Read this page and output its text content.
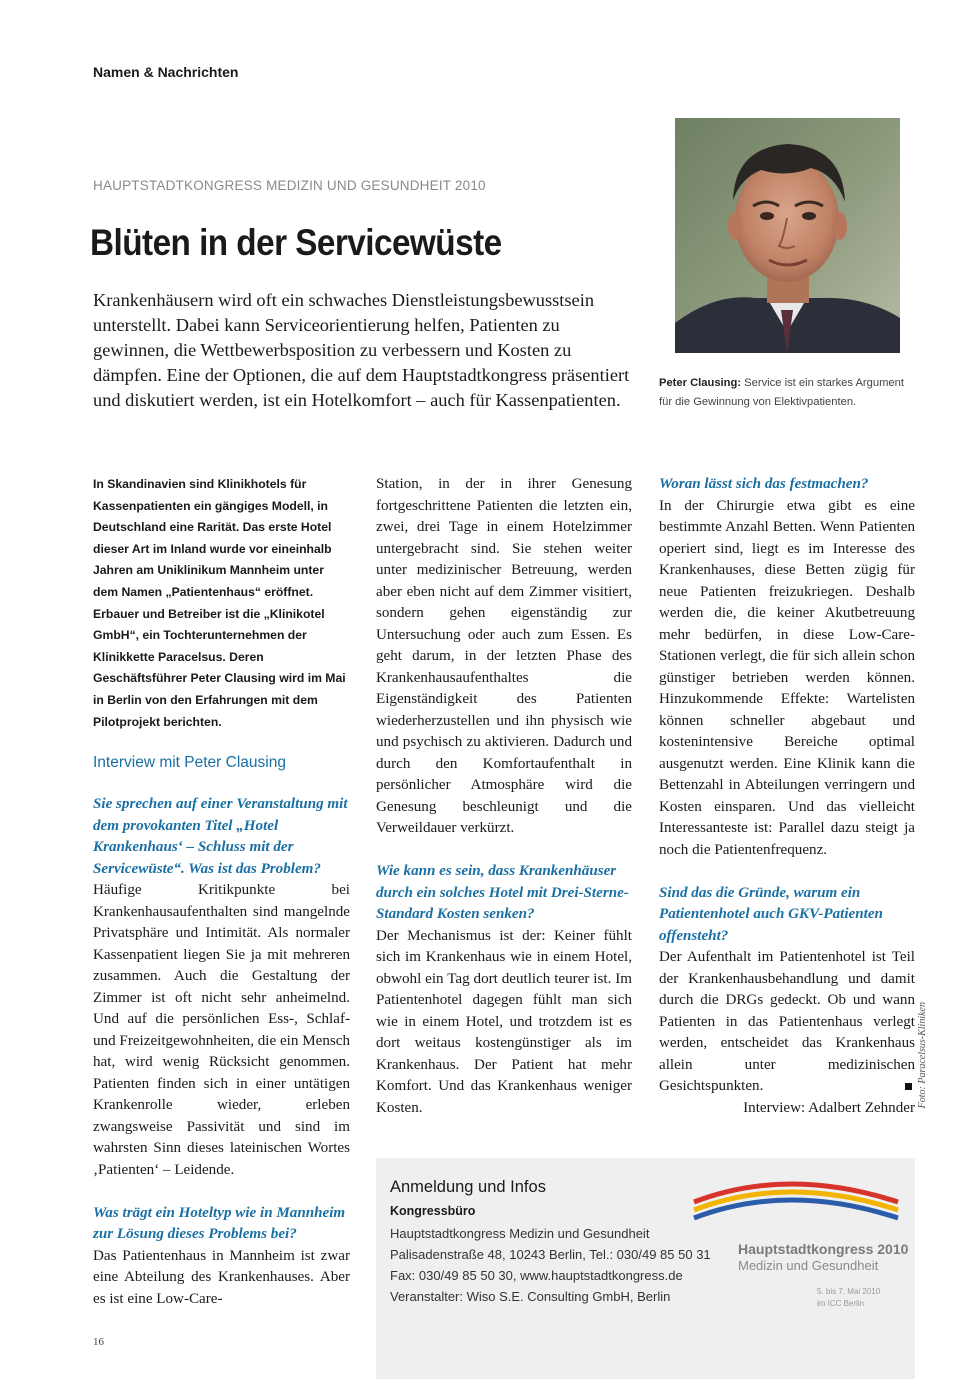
Namen & Nachrichten
HAUPTSTADTKONGRESS MEDIZIN UND GESUNDHEIT 2010
Blüten in der Servicewüste

Krankenhäusern wird oft ein schwaches Dienstleistungsbewusstsein unterstellt. Dabei kann Serviceorientierung helfen, Patienten zu gewinnen, die Wettbewerbsposition zu verbessern und Kosten zu dämpfen. Eine der Optionen, die auf dem Hauptstadtkongress präsentiert und diskutiert werden, ist ein Hotelkomfort – auch für Kassenpatienten.

Peter Clausing: Service ist ein starkes Argument für die Gewinnung von Elektivpatienten.

In Skandinavien sind Klinikhotels für Kassenpatienten ein gängiges Modell, in Deutschland eine Rarität. Das erste Hotel dieser Art im Inland wurde vor eineinhalb Jahren am Uniklinikum Mannheim unter dem Namen „Patientenhaus“ eröffnet. Erbauer und Betreiber ist die „Klinikotel GmbH“, ein Tochterunternehmen der Klinikkette Paracelsus. Deren Geschäftsführer Peter Clausing wird im Mai in Berlin von den Erfahrungen mit dem Pilotprojekt berichten.

Interview mit Peter Clausing

Sie sprechen auf einer Veranstaltung mit dem provokanten Titel „Hotel Krankenhaus‘ – Schluss mit der Servicewüste“. Was ist das Problem?

Häufige Kritikpunkte bei Krankenhausaufenthalten sind mangelnde Privatsphäre und Intimität. Als normaler Kassenpatient liegen Sie ja mit mehreren zusammen. Auch die Gestaltung der Zimmer ist oft nicht sehr anheimelnd. Und auf die persönlichen Ess-, Schlaf- und Freizeitgewohnheiten, die ein Mensch hat, wird wenig Rücksicht genommen. Patienten finden sich in einer untätigen Krankenrolle wieder, erleben zwangsweise Passivität und sind im wahrsten Sinn dieses lateinischen Wortes ‚Patienten‘ – Leidende.

Was trägt ein Hoteltyp wie in Mannheim zur Lösung dieses Problems bei?

Das Patientenhaus in Mannheim ist zwar eine Abteilung des Krankenhauses. Aber es ist eine Low-Care-

Station, in der in ihrer Genesung fortgeschrittene Patienten die letzten ein, zwei, drei Tage in einem Hotelzimmer untergebracht sind. Sie stehen weiter unter medizinischer Betreuung, werden aber eben nicht auf dem Zimmer visitiert, sondern gehen eigenständig zur Untersuchung oder auch zum Essen. Es geht darum, in der letzten Phase des Krankenhausaufenthaltes die Eigenständigkeit des Patienten wiederherzustellen und ihn physisch wie und psychisch zu aktivieren. Dadurch und durch den Komfortaufenthalt in persönlicher Atmosphäre wird die Genesung beschleunigt und die Verweildauer verkürzt.

Wie kann es sein, dass Krankenhäuser durch ein solches Hotel mit Drei-Sterne-Standard Kosten senken?

Der Mechanismus ist der: Keiner fühlt sich im Krankenhaus wie in einem Hotel, obwohl ein Tag dort deutlich teurer ist. Im Patientenhotel dagegen fühlt man sich wie in einem Hotel, und trotzdem ist es dort weitaus kostengünstiger als im Krankenhaus. Der Patient hat mehr Komfort. Und das Krankenhaus weniger Kosten.

Woran lässt sich das festmachen?

In der Chirurgie etwa gibt es eine bestimmte Anzahl Betten. Wenn Patienten operiert sind, liegt es im Interesse des Krankenhauses, diese Betten zügig für neue Patienten freizukriegen. Deshalb werden die, die keiner Akutbetreuung mehr bedürfen, in diese Low-Care-Stationen verlegt, die für sich allein schon günstiger betrieben werden können. Hinzukommende Effekte: Wartelisten können schneller abgebaut und kostenintensive Bereiche optimal ausgenutzt werden. Eine Klinik kann die Bettenzahl in Abteilungen verringern und Kosten einsparen. Und das vielleicht Interessanteste ist: Parallel dazu steigt ja noch die Patientenfrequenz.

Sind das die Gründe, warum ein Patientenhotel auch GKV-Patienten offensteht?

Der Aufenthalt im Patientenhotel ist Teil der Krankenhausbehandlung und damit durch die DRGs gedeckt. Ob und wann Patienten in das Patientenhaus verlegt werden, entscheidet das Krankenhaus allein unter medizinischen Gesichtspunkten.

Interview: Adalbert Zehnder Foto: Paracelsus-Kliniken
Anmeldung und Infos
Kongressbüro
Hauptstadtkongress Medizin und Gesundheit
Palisadenstraße 48, 10243 Berlin, Tel.: 030/49 85 50 31
Fax: 030/49 85 50 30, www.hauptstadtkongress.de
Veranstalter: Wiso S.E. Consulting GmbH, Berlin
Hauptstadtkongress 2010
Medizin und Gesundheit
5. bis 7. Mai 2010
im ICC Berlin
16
